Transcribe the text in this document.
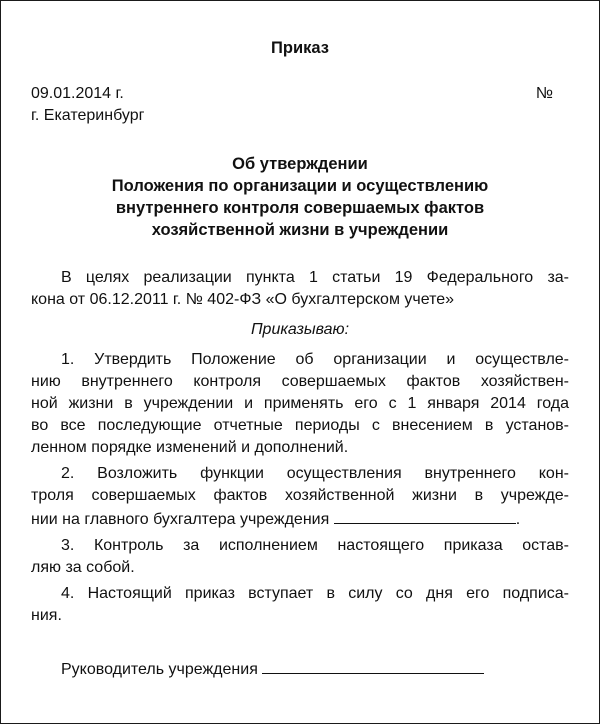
Приказ
09.01.2014 г.	№
г. Екатеринбург
Об утверждении
Положения по организации и осуществлению
внутреннего контроля совершаемых фактов
хозяйственной жизни в учреждении
В целях реализации пункта 1 статьи 19 Федерального за-
кона от 06.12.2011 г. № 402-ФЗ «О бухгалтерском учете»
Приказываю:
1. Утвердить Положение об организации и осуществле-
нию внутреннего контроля совершаемых фактов хозяйствен-
ной жизни в учреждении и применять его с 1 января 2014 года
во все последующие отчетные периоды с внесением в установ-
ленном порядке изменений и дополнений.
2. Возложить функции осуществления внутреннего кон-
троля совершаемых фактов хозяйственной жизни в учрежде-
нии на главного бухгалтера учреждения	.
3. Контроль за исполнением настоящего приказа остав-
ляю за собой.
4. Настоящий приказ вступает в силу со дня его подписа-
ния.
Руководитель учреждения
